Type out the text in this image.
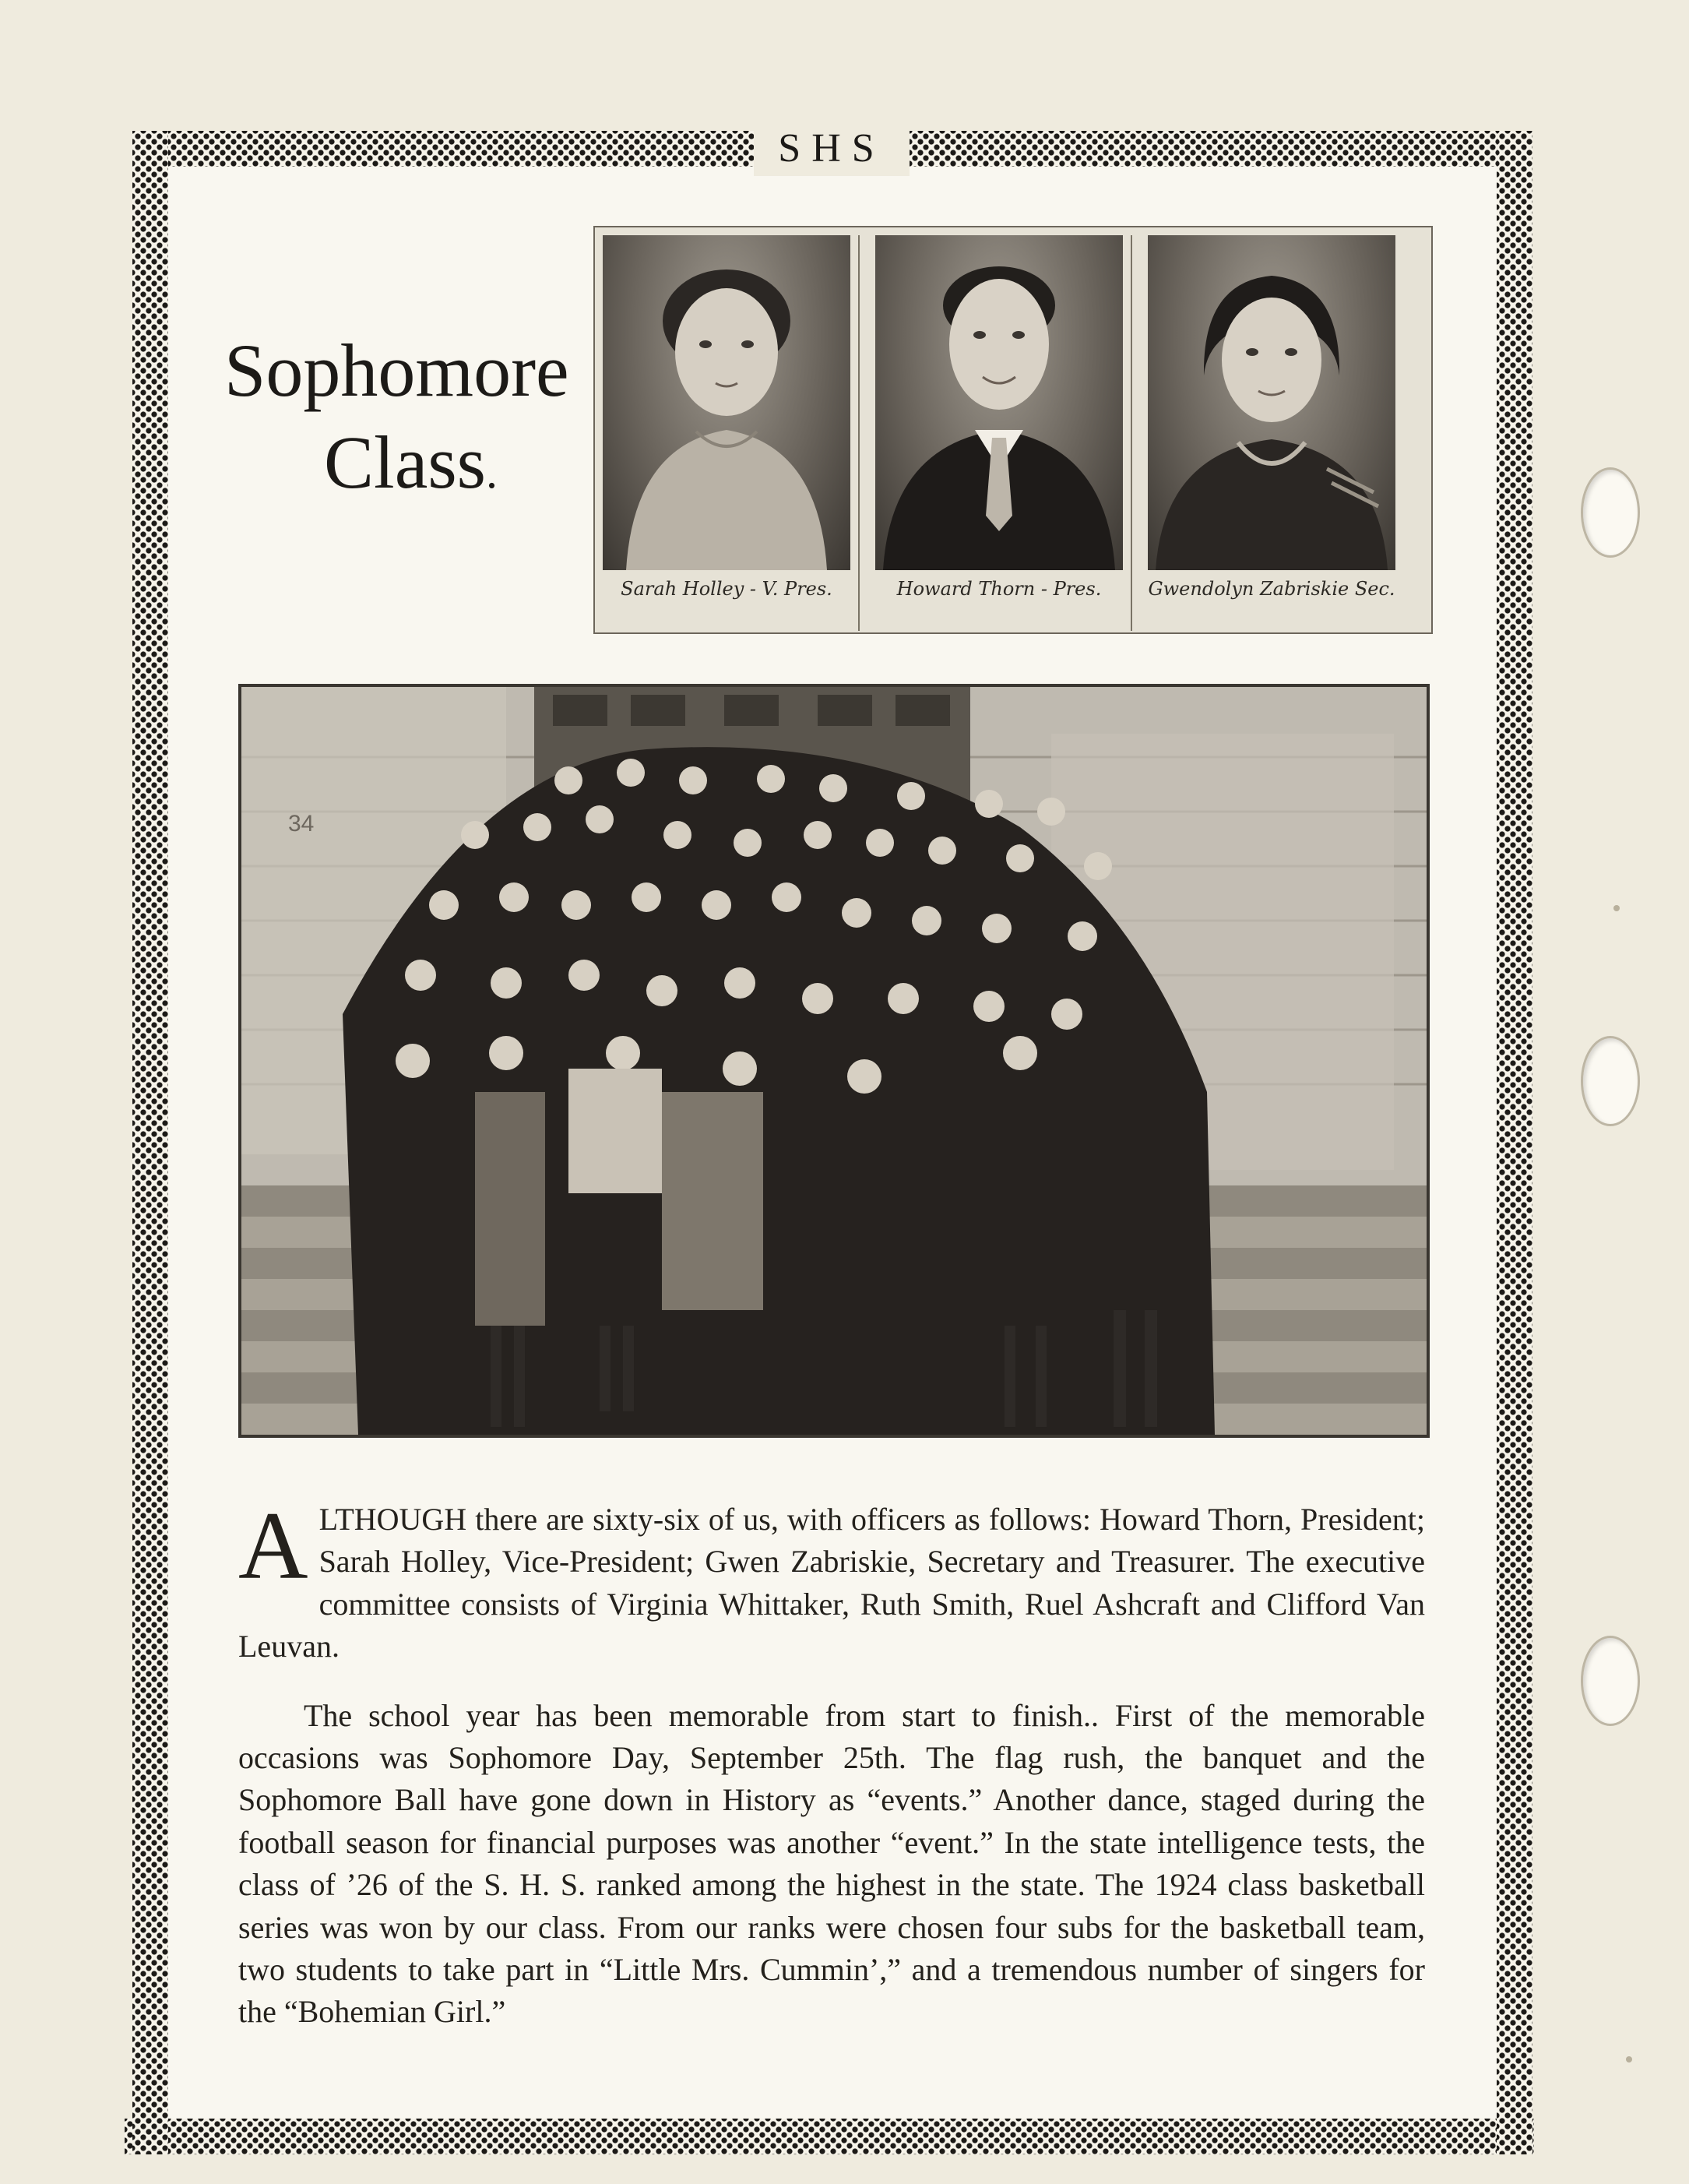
SHS
Sophomore
Class.
Sarah Holley - V. Pres.	Howard Thorn - Pres.	Gwendolyn Zabriskie Sec.
34

ALTHOUGH there are sixty-six of us, with officers as follows: Howard Thorn, President; Sarah Holley, Vice-President; Gwen Zabriskie, Secretary and Treasurer. The executive committee consists of Virginia Whittaker, Ruth Smith, Ruel Ashcraft and Clifford Van Leuvan.

The school year has been memorable from start to finish.. First of the memorable occasions was Sophomore Day, September 25th. The flag rush, the banquet and the Sophomore Ball have gone down in History as “events.” Another dance, staged during the football season for financial purposes was another “event.” In the state intelligence tests, the class of ’26 of the S. H. S. ranked among the highest in the state. The 1924 class basketball series was won by our class. From our ranks were chosen four subs for the basketball team, two students to take part in “Little Mrs. Cummin’,” and a tremendous number of singers for the “Bohemian Girl.”
